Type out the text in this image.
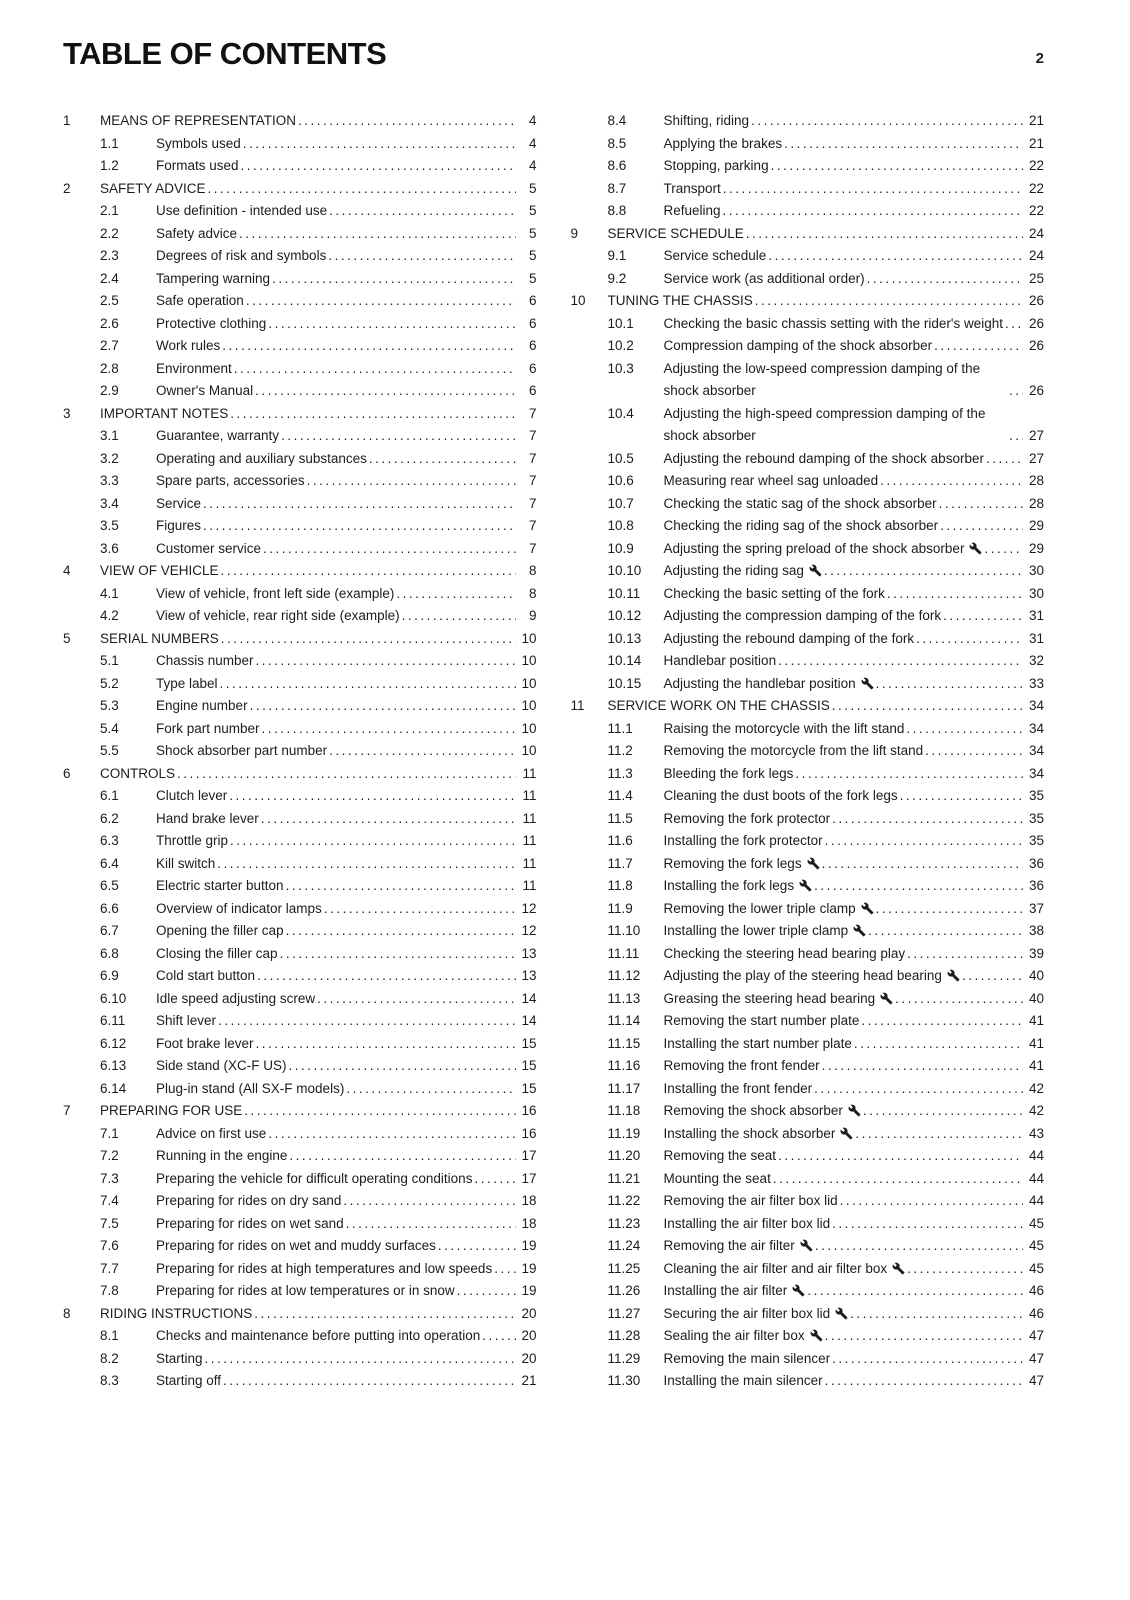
TABLE OF CONTENTS	2
1	MEANS OF REPRESENTATION .....	4
1.1	Symbols used .....	4
1.2	Formats used .....	4
2	SAFETY ADVICE .....	5
2.1	Use definition - intended use .....	5
2.2	Safety advice .....	5
2.3	Degrees of risk and symbols .....	5
2.4	Tampering warning .....	5
2.5	Safe operation .....	6
2.6	Protective clothing .....	6
2.7	Work rules .....	6
2.8	Environment .....	6
2.9	Owner's Manual .....	6
3	IMPORTANT NOTES .....	7
3.1	Guarantee, warranty .....	7
3.2	Operating and auxiliary substances .....	7
3.3	Spare parts, accessories .....	7
3.4	Service .....	7
3.5	Figures .....	7
3.6	Customer service .....	7
4	VIEW OF VEHICLE .....	8
4.1	View of vehicle, front left side (example) .....	8
4.2	View of vehicle, rear right side (example) .....	9
5	SERIAL NUMBERS .....	10
5.1	Chassis number .....	10
5.2	Type label .....	10
5.3	Engine number .....	10
5.4	Fork part number .....	10
5.5	Shock absorber part number .....	10
6	CONTROLS .....	11
6.1	Clutch lever .....	11
6.2	Hand brake lever .....	11
6.3	Throttle grip .....	11
6.4	Kill switch .....	11
6.5	Electric starter button .....	11
6.6	Overview of indicator lamps .....	12
6.7	Opening the filler cap .....	12
6.8	Closing the filler cap .....	13
6.9	Cold start button .....	13
6.10	Idle speed adjusting screw .....	14
6.11	Shift lever .....	14
6.12	Foot brake lever .....	15
6.13	Side stand (XC-F US) .....	15
6.14	Plug-in stand (All SX-F models) .....	15
7	PREPARING FOR USE .....	16
7.1	Advice on first use .....	16
7.2	Running in the engine .....	17
7.3	Preparing the vehicle for difficult operating conditions .....	17
7.4	Preparing for rides on dry sand .....	18
7.5	Preparing for rides on wet sand .....	18
7.6	Preparing for rides on wet and muddy surfaces .....	19
7.7	Preparing for rides at high temperatures and low speeds ..... 19
7.8	Preparing for rides at low temperatures or in snow .....	19
8	RIDING INSTRUCTIONS .....	20
8.1	Checks and maintenance before putting into operation .....	20
8.2	Starting .....	20
8.3	Starting off .....	21
8.4	Shifting, riding .....	21
8.5	Applying the brakes .....	21
8.6	Stopping, parking .....	22
8.7	Transport .....	22
8.8	Refueling .....	22
9	SERVICE SCHEDULE .....	24
9.1	Service schedule .....	24
9.2	Service work (as additional order) .....	25
10	TUNING THE CHASSIS .....	26
10.1	Checking the basic chassis setting with the rider's weight ..... 26
10.2	Compression damping of the shock absorber .....	26
10.3	Adjusting the low-speed compression damping of the shock absorber .....	26
10.4	Adjusting the high-speed compression damping of the shock absorber .....	27
10.5	Adjusting the rebound damping of the shock absorber .....	27
10.6	Measuring rear wheel sag unloaded .....	28
10.7	Checking the static sag of the shock absorber .....	28
10.8	Checking the riding sag of the shock absorber .....	29
10.9	Adjusting the spring preload of the shock absorber .....	29
10.10	Adjusting the riding sag .....	30
10.11	Checking the basic setting of the fork .....	30
10.12	Adjusting the compression damping of the fork .....	31
10.13	Adjusting the rebound damping of the fork .....	31
10.14	Handlebar position .....	32
10.15	Adjusting the handlebar position .....	33
11	SERVICE WORK ON THE CHASSIS .....	34
11.1	Raising the motorcycle with the lift stand .....	34
11.2	Removing the motorcycle from the lift stand .....	34
11.3	Bleeding the fork legs .....	34
11.4	Cleaning the dust boots of the fork legs .....	35
11.5	Removing the fork protector .....	35
11.6	Installing the fork protector .....	35
11.7	Removing the fork legs .....	36
11.8	Installing the fork legs .....	36
11.9	Removing the lower triple clamp .....	37
11.10	Installing the lower triple clamp .....	38
11.11	Checking the steering head bearing play .....	39
11.12	Adjusting the play of the steering head bearing .....	40
11.13	Greasing the steering head bearing .....	40
11.14	Removing the start number plate .....	41
11.15	Installing the start number plate .....	41
11.16	Removing the front fender .....	41
11.17	Installing the front fender .....	42
11.18	Removing the shock absorber .....	42
11.19	Installing the shock absorber .....	43
11.20	Removing the seat .....	44
11.21	Mounting the seat .....	44
11.22	Removing the air filter box lid .....	44
11.23	Installing the air filter box lid .....	45
11.24	Removing the air filter .....	45
11.25	Cleaning the air filter and air filter box .....	45
11.26	Installing the air filter .....	46
11.27	Securing the air filter box lid .....	46
11.28	Sealing the air filter box .....	47
11.29	Removing the main silencer .....	47
11.30	Installing the main silencer .....	47
